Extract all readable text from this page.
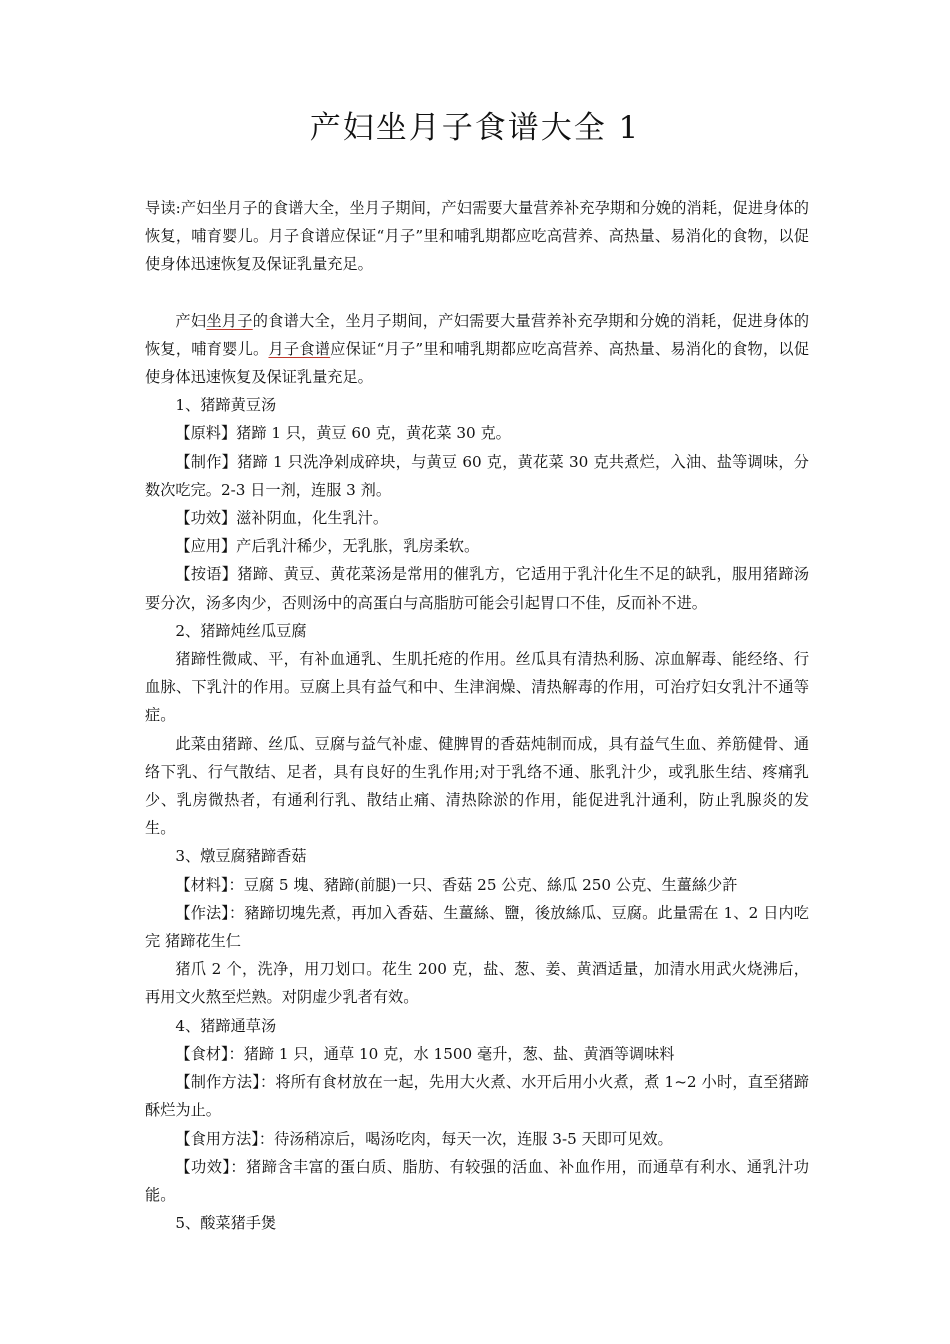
产妇坐月子食谱大全 1

导读:产妇坐月子的食谱大全，坐月子期间，产妇需要大量营养补充孕期和分娩的消耗，促进身体的恢复，哺育婴儿。月子食谱应保证“月子”里和哺乳期都应吃高营养、高热量、易消化的食物，以促使身体迅速恢复及保证乳量充足。

产妇坐月子的食谱大全，坐月子期间，产妇需要大量营养补充孕期和分娩的消耗，促进身体的恢复，哺育婴儿。月子食谱应保证“月子”里和哺乳期都应吃高营养、高热量、易消化的食物，以促使身体迅速恢复及保证乳量充足。

1、猪蹄黄豆汤

【原料】猪蹄 1 只，黄豆 60 克，黄花菜 30 克。

【制作】猪蹄 1 只洗净剁成碎块，与黄豆 60 克，黄花菜 30 克共煮烂，入油、盐等调味，分数次吃完。2-3 日一剂，连服 3 剂。

【功效】滋补阴血，化生乳汁。

【应用】产后乳汁稀少，无乳胀，乳房柔软。

【按语】猪蹄、黄豆、黄花菜汤是常用的催乳方，它适用于乳汁化生不足的缺乳，服用猪蹄汤要分次，汤多肉少，否则汤中的高蛋白与高脂肪可能会引起胃口不佳，反而补不进。

2、猪蹄炖丝瓜豆腐

猪蹄性微咸、平，有补血通乳、生肌托疮的作用。丝瓜具有清热利肠、凉血解毒、能经络、行血脉、下乳汁的作用。豆腐上具有益气和中、生津润燥、清热解毒的作用，可治疗妇女乳汁不通等症。

此菜由猪蹄、丝瓜、豆腐与益气补虚、健脾胃的香菇炖制而成，具有益气生血、养筋健骨、通络下乳、行气散结、足者，具有良好的生乳作用;对于乳络不通、胀乳汁少，或乳胀生结、疼痛乳少、乳房微热者，有通利行乳、散结止痛、清热除淤的作用，能促进乳汁通利，防止乳腺炎的发生。

3、燉豆腐豬蹄香菇

【材料】：豆腐 5 塊、豬蹄(前腿)一只、香菇 25 公克、絲瓜 250 公克、生薑絲少許

【作法】：豬蹄切塊先煮，再加入香菇、生薑絲、鹽，後放絲瓜、豆腐。此量需在 1、2 日内吃完 猪蹄花生仁

猪爪 2 个，洗净，用刀划口。花生 200 克，盐、葱、姜、黄酒适量，加清水用武火烧沸后，再用文火熬至烂熟。对阴虚少乳者有效。

4、猪蹄通草汤

【食材】：猪蹄 1 只，通草 10 克，水 1500 毫升，葱、盐、黄酒等调味料

【制作方法】：将所有食材放在一起，先用大火煮、水开后用小火煮，煮 1~2 小时，直至猪蹄酥烂为止。

【食用方法】：待汤稍凉后，喝汤吃肉，每天一次，连服 3-5 天即可见效。

【功效】：猪蹄含丰富的蛋白质、脂肪、有较强的活血、补血作用，而通草有利水、通乳汁功能。

5、酸菜猪手煲
